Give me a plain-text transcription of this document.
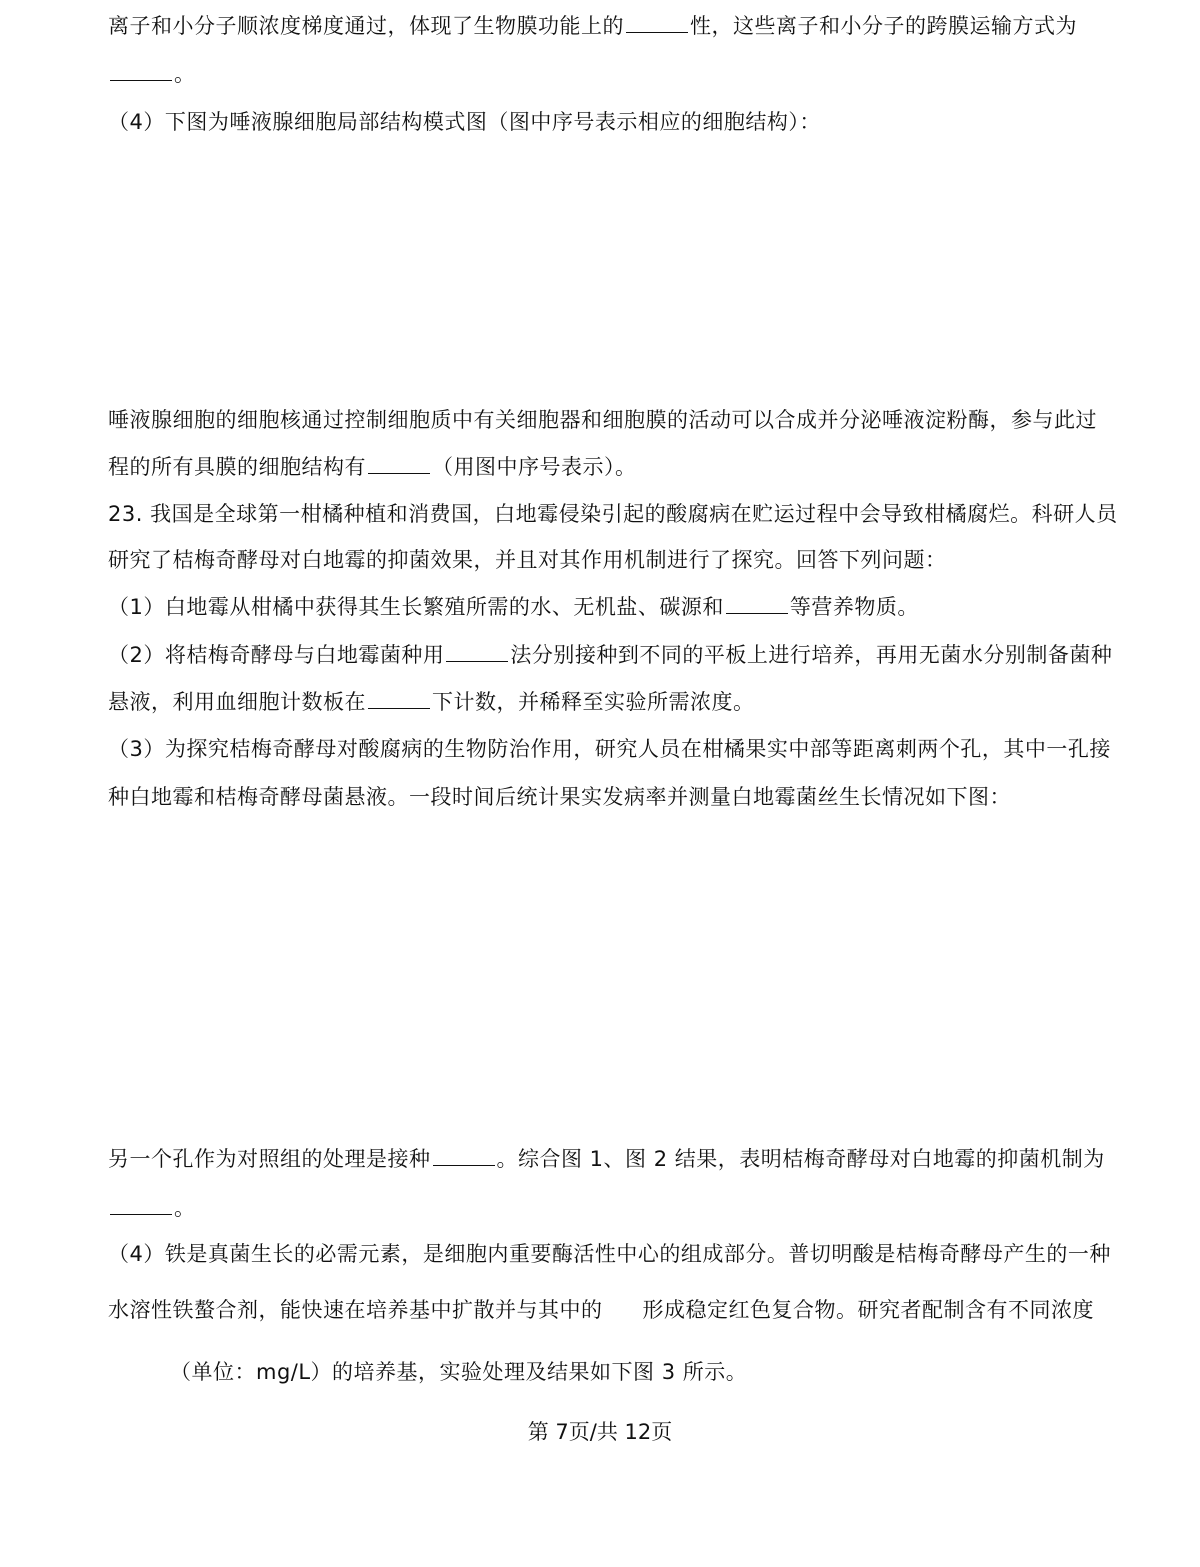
离子和小分子顺浓度梯度通过，体现了生物膜功能上的	性，这些离子和小分子的跨膜运输方式为
。
（4）下图为唾液腺细胞局部结构模式图（图中序号表示相应的细胞结构）：
唾液腺细胞的细胞核通过控制细胞质中有关细胞器和细胞膜的活动可以合成并分泌唾液淀粉酶，参与此过
程的所有具膜的细胞结构有	（用图中序号表示）。
23. 我国是全球第一柑橘种植和消费国，白地霉侵染引起的酸腐病在贮运过程中会导致柑橘腐烂。科研人员
研究了桔梅奇酵母对白地霉的抑菌效果，并且对其作用机制进行了探究。回答下列问题：
（1）白地霉从柑橘中获得其生长繁殖所需的水、无机盐、碳源和	等营养物质。
（2）将桔梅奇酵母与白地霉菌种用	法分别接种到不同的平板上进行培养，再用无菌水分别制备菌种
悬液，利用血细胞计数板在	下计数，并稀释至实验所需浓度。
（3）为探究桔梅奇酵母对酸腐病的生物防治作用，研究人员在柑橘果实中部等距离刺两个孔，其中一孔接
种白地霉和桔梅奇酵母菌悬液。一段时间后统计果实发病率并测量白地霉菌丝生长情况如下图：
另一个孔作为对照组的处理是接种	。综合图 1、图 2 结果，表明桔梅奇酵母对白地霉的抑菌机制为
。
（4）铁是真菌生长的必需元素，是细胞内重要酶活性中心的组成部分。普切明酸是桔梅奇酵母产生的一种
水溶性铁螯合剂，能快速在培养基中扩散并与其中的 形成稳定红色复合物。研究者配制含有不同浓度
（单位：mg/L）的培养基，实验处理及结果如下图 3 所示。
第 7页/共 12页
